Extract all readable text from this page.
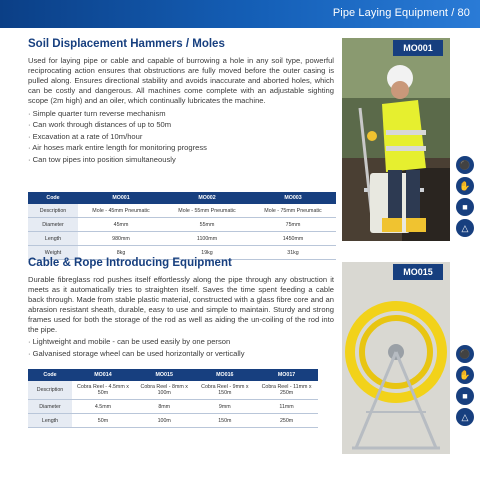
Pipe Laying Equipment / 80
Soil Displacement Hammers / Moles

Used for laying pipe or cable and capable of burrowing a hole in any soil type, powerful reciprocating action ensures that obstructions are fully moved before the outer casing is pulled along. Ensures directional stability and avoids inaccurate and aborted holes, which can be costly and dangerous. All machines come complete with an adjustable sighting scope (2m high) and an oiler, which continually lubricates the machine.

· Simple quarter turn reverse mechanism
· Can work through distances of up to 50m
· Excavation at a rate of 10m/hour
· Air hoses mark entire length for monitoring progress
· Can tow pipes into position simultaneously
Code	MO001	MO002	MO003
Description	Mole - 45mm Pneumatic	Mole - 55mm Pneumatic	Mole - 75mm Pneumatic
Diameter	45mm	55mm	75mm
Length	980mm	1100mm	1450mm
Weight	8kg	19kg	31kg
MO001
⚫
✋
■
△
Cable & Rope Introducing Equipment

Durable fibreglass rod pushes itself effortlessly along the pipe through any obstruction it meets as it automatically tries to straighten itself. Saves the time spent feeding a cable back through. Made from stable plastic material, constructed with a glass fibre core and an abrasion resistant sheath, durable, easy to use and simple to maintain. Sturdy and strong frames used for both the storage of the rod as well as aiding the un-coiling of the rod into the pipe.

· Lightweight and mobile - can be used easily by one person
· Galvanised storage wheel can be used horizontally or vertically
Code	MO014	MO015	MO016	MO017
Description	Cobra Reel - 4.5mm x 50m	Cobra Reel - 8mm x 100m	Cobra Reel - 9mm x 150m	Cobra Reel - 11mm x 250m
Diameter	4.5mm	8mm	9mm	11mm
Length	50m	100m	150m	250m
MO015
⚫
✋
■
△
